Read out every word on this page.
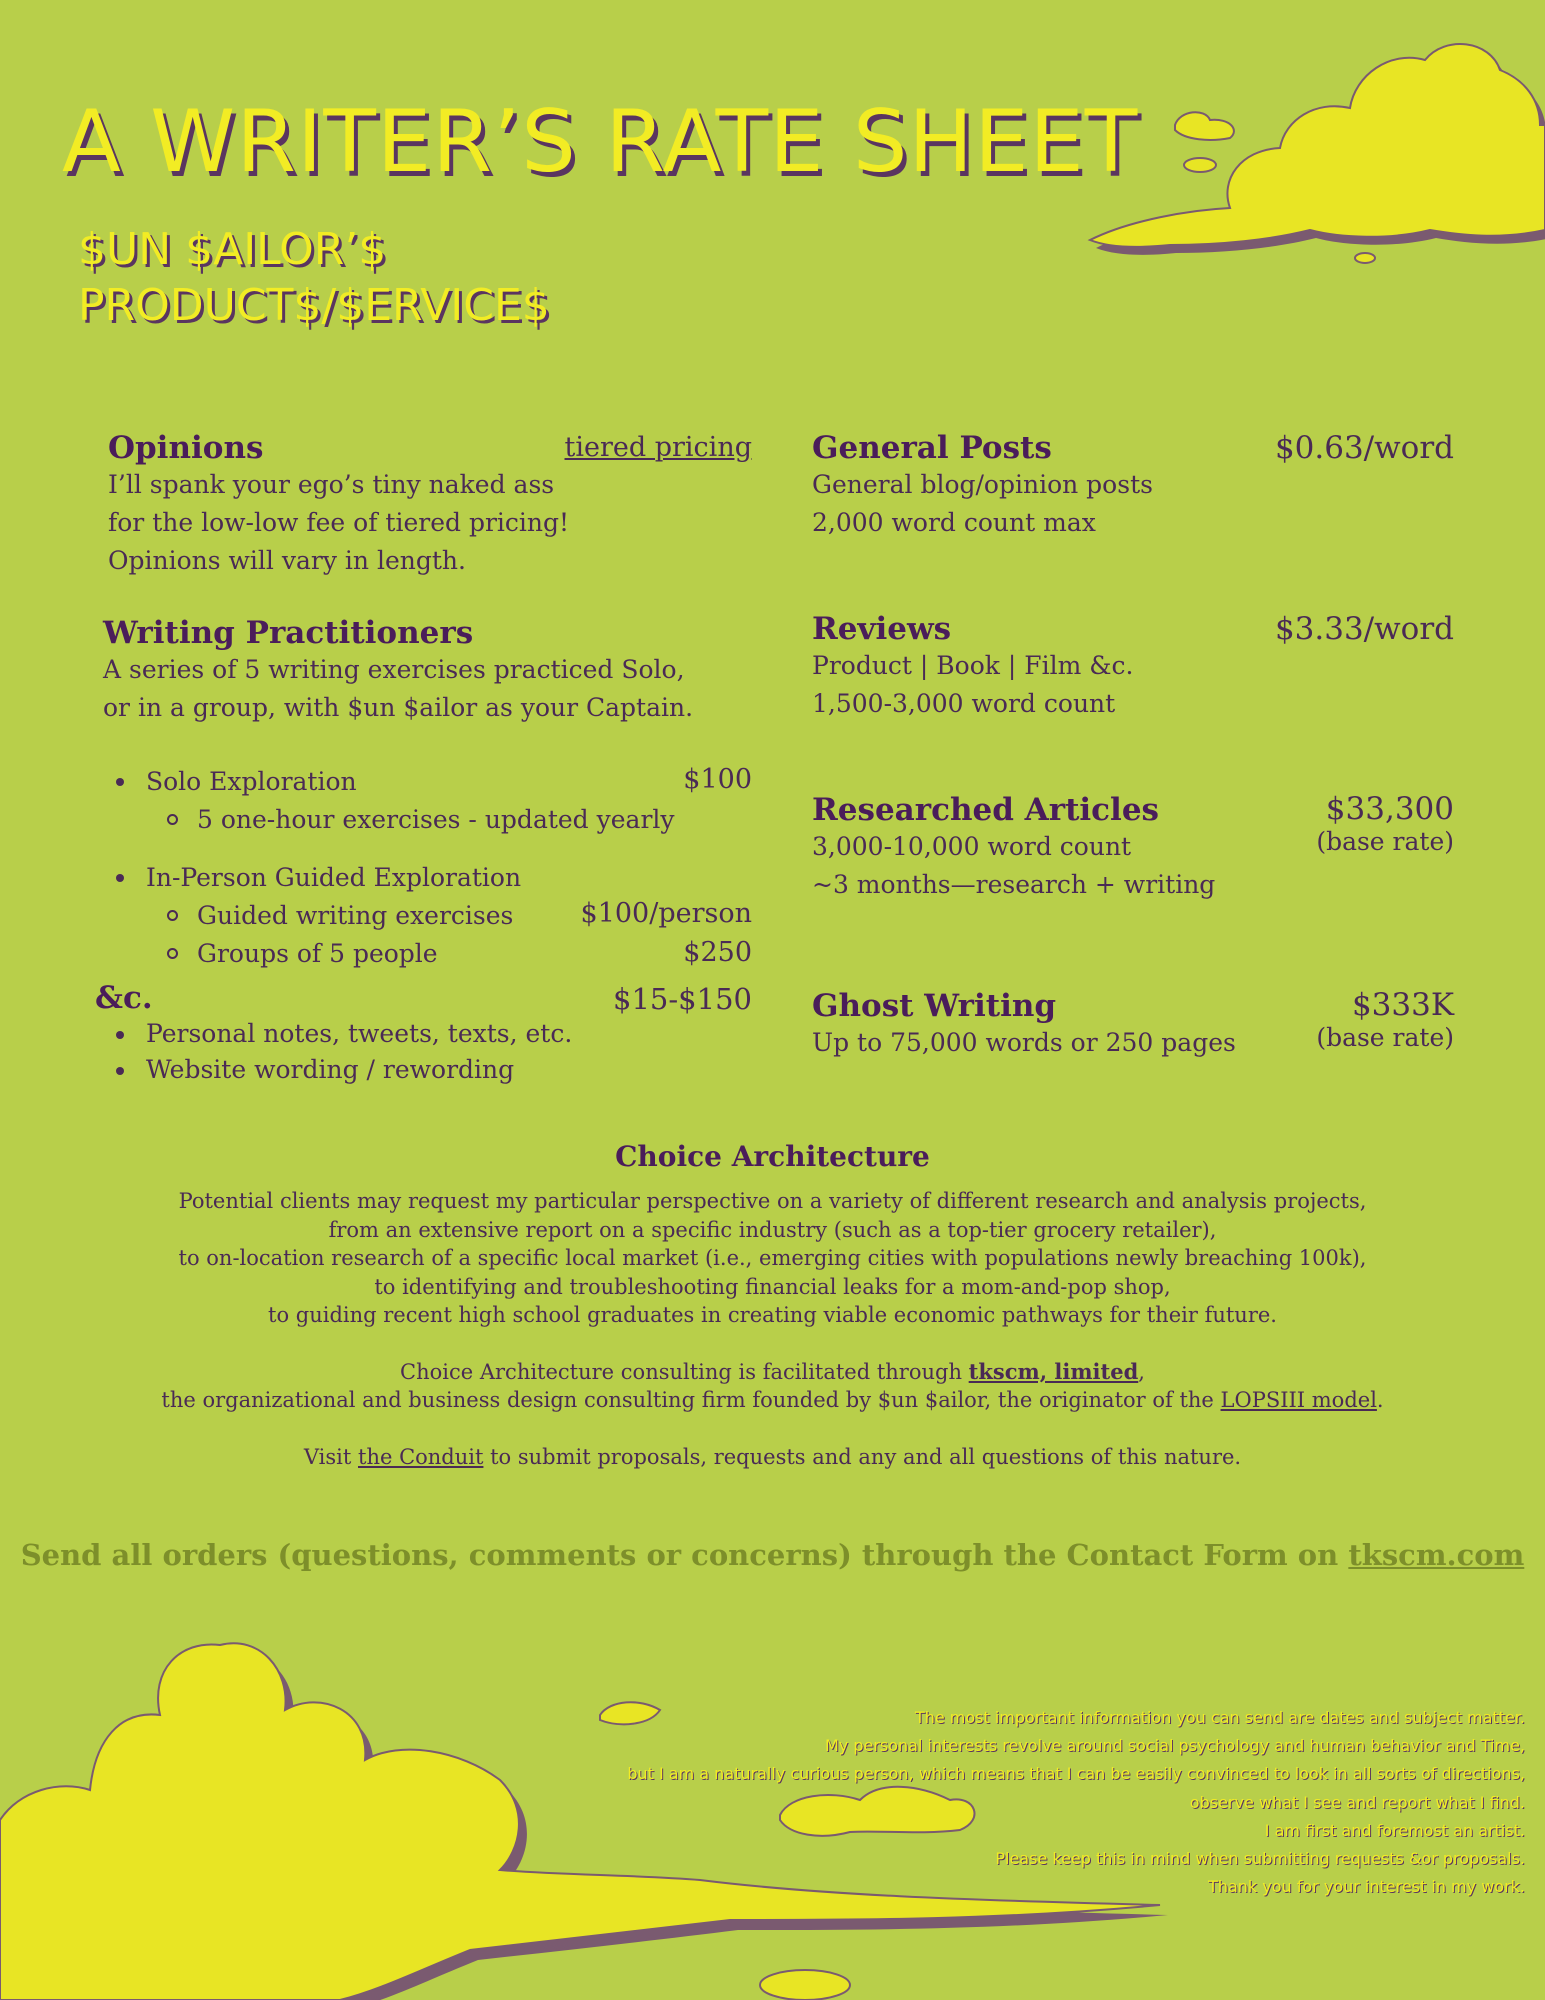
A WRITER’S RATE SHEET
$UN $AILOR’$
PRODUCT$/$ERVICE$
Opinions	tiered pricing
I’ll spank your ego’s tiny naked ass
for the low-low fee of tiered pricing!
Opinions will vary in length.
Writing Practitioners
A series of 5 writing exercises practiced Solo,
or in a group, with $un $ailor as your Captain.
Solo Exploration	$100
5 one-hour exercises - updated yearly
In-Person Guided Exploration
Guided writing exercises	$100/person
Groups of 5 people	$250
&c.	$15-$150
Personal notes, tweets, texts, etc.
Website wording / rewording
General Posts	$0.63/word
General blog/opinion posts
2,000 word count max
Reviews	$3.33/word
Product | Book | Film &c.
1,500-3,000 word count
Researched Articles	$33,300
(base rate)
3,000-10,000 word count
~3 months—research + writing
Ghost Writing	$333K
(base rate)
Up to 75,000 words or 250 pages
Choice Architecture
Potential clients may request my particular perspective on a variety of different research and analysis projects,
from an extensive report on a specific industry (such as a top-tier grocery retailer),
to on-location research of a specific local market (i.e., emerging cities with populations newly breaching 100k),
to identifying and troubleshooting financial leaks for a mom-and-pop shop,
to guiding recent high school graduates in creating viable economic pathways for their future.
Choice Architecture consulting is facilitated through tkscm, limited,
the organizational and business design consulting firm founded by $un $ailor, the originator of the LOPSIII model.
Visit the Conduit to submit proposals, requests and any and all questions of this nature.
Send all orders (questions, comments or concerns) through the Contact Form on tkscm.com
The most important information you can send are dates and subject matter.
My personal interests revolve around social psychology and human behavior and Time,
but I am a naturally curious person, which means that I can be easily convinced to look in all sorts of directions,
observe what I see and report what I find.
I am first and foremost an artist.
Please keep this in mind when submitting requests &or proposals.
Thank you for your interest in my work.
